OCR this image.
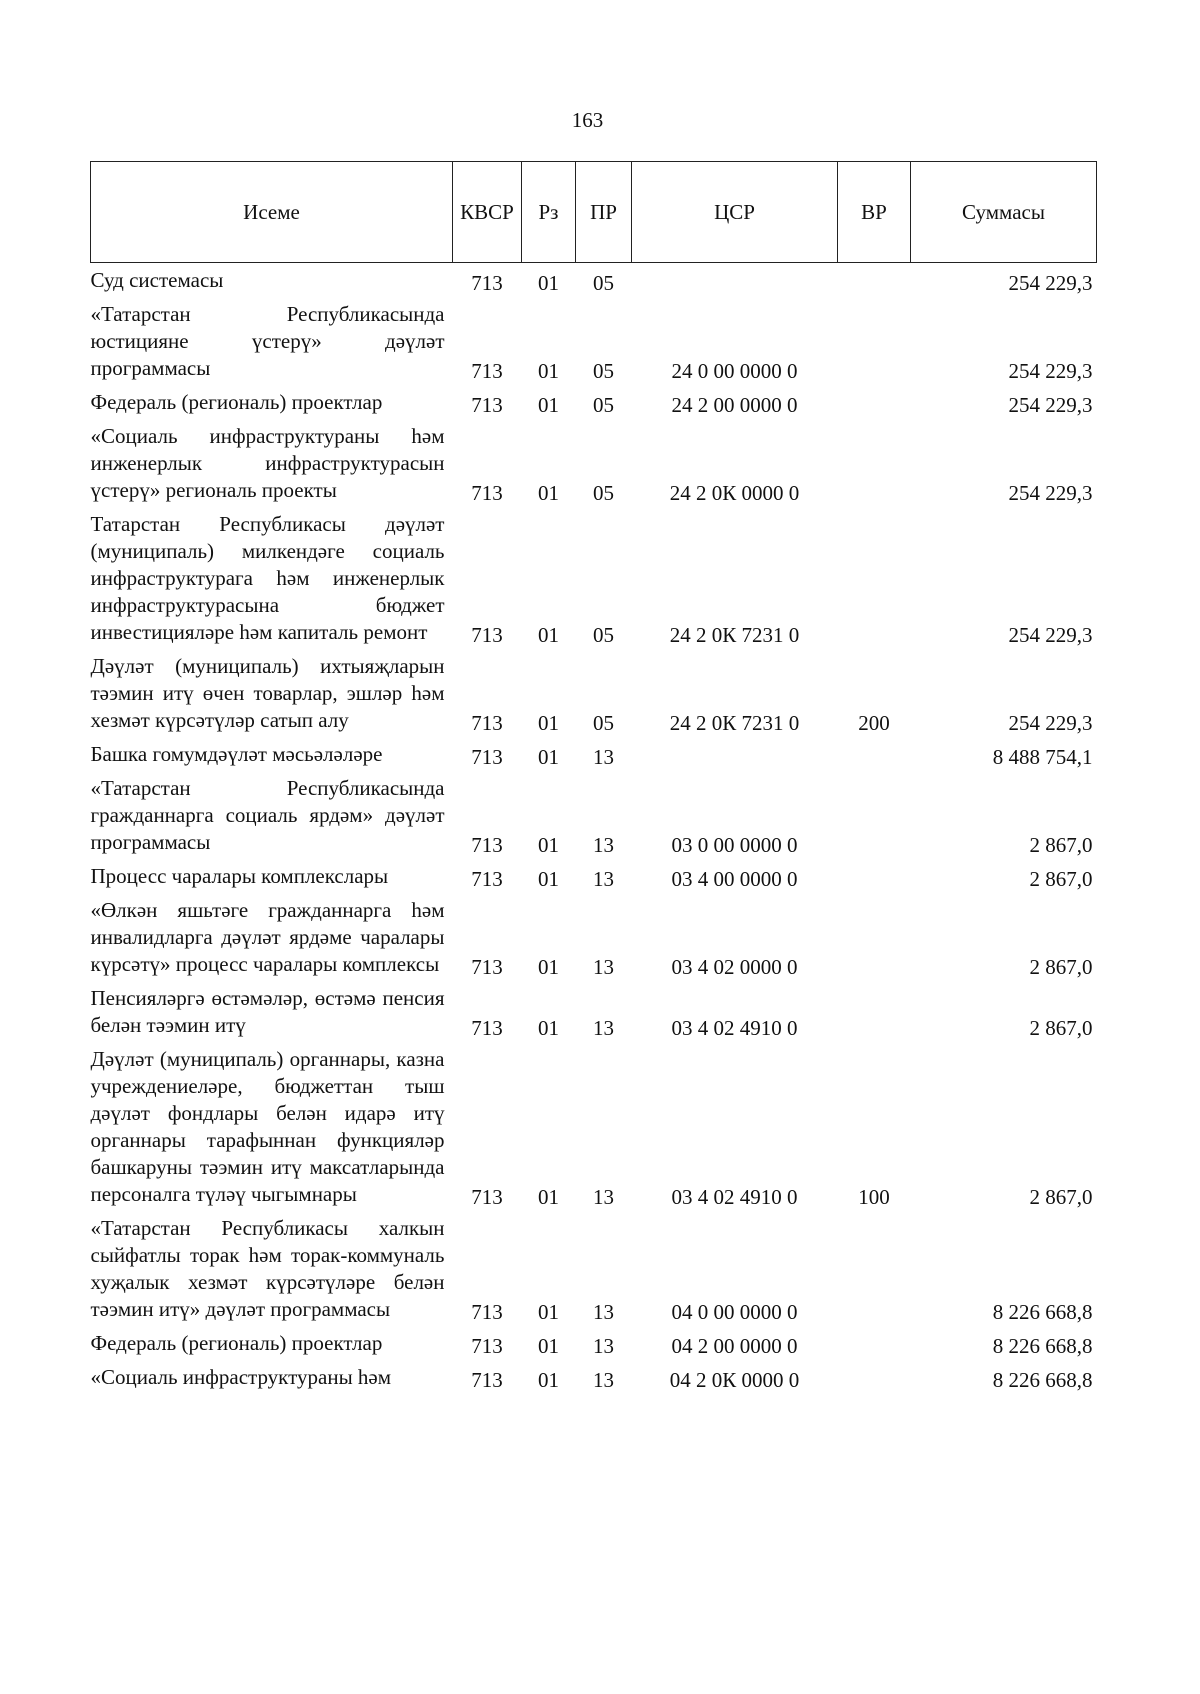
163
Исеме	КВСР	Рз	ПР	ЦСР	ВР	Суммасы
Суд системасы	713	01	05			254 229,3
«Татарстан Республикасында юстицияне үстерү» дәүләт программасы	713	01	05	24 0 00 0000 0		254 229,3
Федераль (региональ) проектлар	713	01	05	24 2 00 0000 0		254 229,3
«Социаль инфраструктураны һәм инженерлык инфраструктурасын үстерү» региональ проекты	713	01	05	24 2 0К 0000 0		254 229,3
Татарстан Республикасы дәүләт (муниципаль) милкендәге социаль инфраструктурага һәм инженерлык инфраструктурасына бюджет инвестицияләре һәм капиталь ремонт	713	01	05	24 2 0К 7231 0		254 229,3
Дәүләт (муниципаль) ихтыяҗларын тәэмин итү өчен товарлар, эшләр һәм хезмәт күрсәтүләр сатып алу	713	01	05	24 2 0К 7231 0	200	254 229,3
Башка гомумдәүләт мәсьәләләре	713	01	13			8 488 754,1
«Татарстан Республикасында гражданнарга социаль ярдәм» дәүләт программасы	713	01	13	03 0 00 0000 0		2 867,0
Процесс чаралары комплекслары	713	01	13	03 4 00 0000 0		2 867,0
«Өлкән яшьтәге гражданнарга һәм инвалидларга дәүләт ярдәме чаралары күрсәтү» процесс чаралары комплексы	713	01	13	03 4 02 0000 0		2 867,0
Пенсияләргә өстәмәләр, өстәмә пенсия белән тәэмин итү	713	01	13	03 4 02 4910 0		2 867,0
Дәүләт (муниципаль) органнары, казна учреждениеләре, бюджеттан тыш дәүләт фондлары белән идарә итү органнары тарафыннан функцияләр башкаруны тәэмин итү максатларында персоналга түләү чыгымнары	713	01	13	03 4 02 4910 0	100	2 867,0
«Татарстан Республикасы халкын сыйфатлы торак һәм торак-коммуналь хуҗалык хезмәт күрсәтүләре белән тәэмин итү» дәүләт программасы	713	01	13	04 0 00 0000 0		8 226 668,8
Федераль (региональ) проектлар	713	01	13	04 2 00 0000 0		8 226 668,8
«Социаль инфраструктураны һәм	713	01	13	04 2 0К 0000 0		8 226 668,8
